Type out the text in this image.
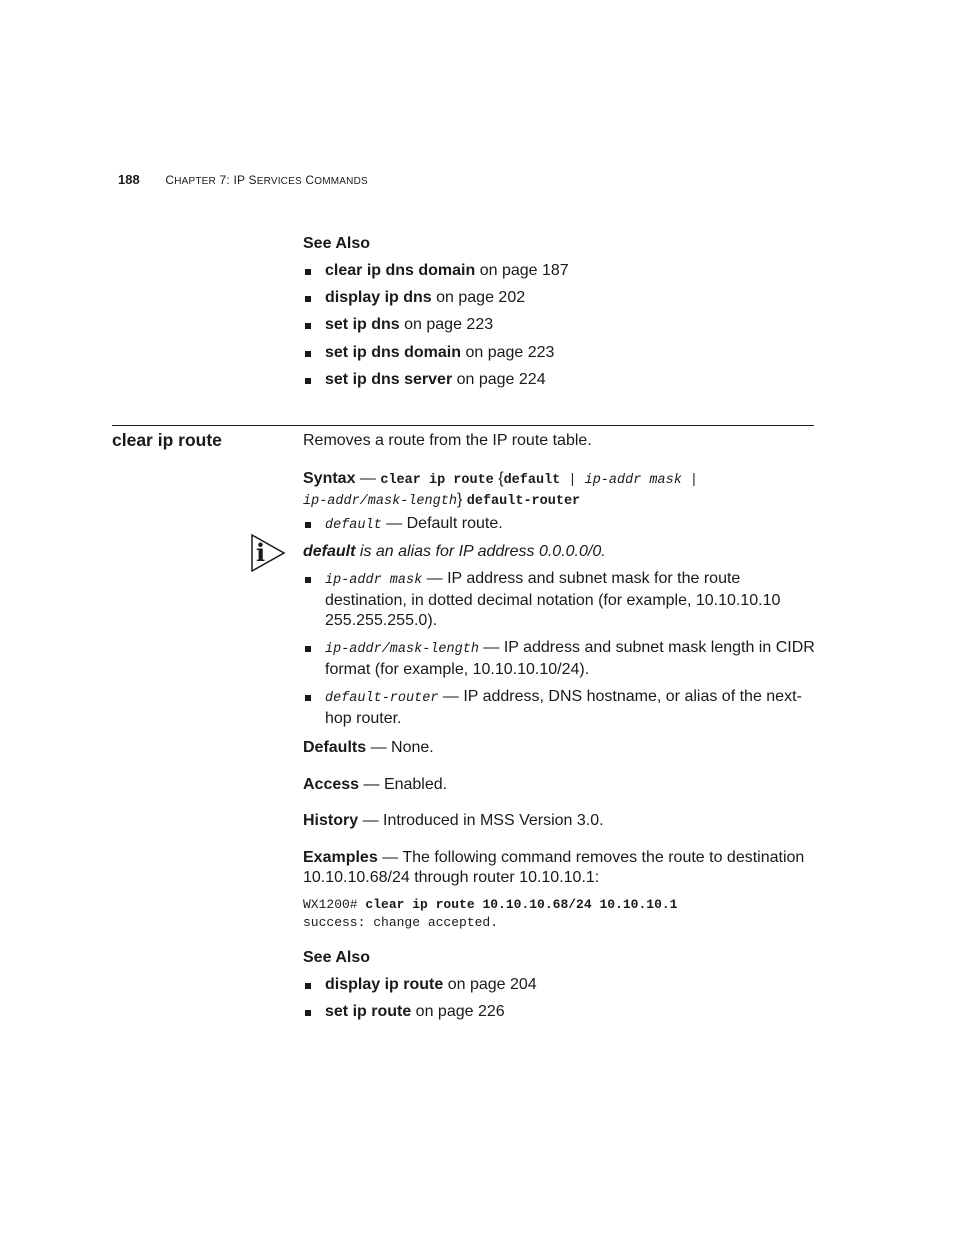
188 CHAPTER 7: IP SERVICES COMMANDS
See Also
clear ip dns domain on page 187
display ip dns on page 202
set ip dns on page 223
set ip dns domain on page 223
set ip dns server on page 224
clear ip route	Removes a route from the IP route table.
Syntax — clear ip route {default | ip-addr mask |
ip-addr/mask-length} default-router
default — Default route.
i default is an alias for IP address 0.0.0.0/0.
ip-addr mask — IP address and subnet mask for the route destination, in dotted decimal notation (for example, 10.10.10.10 255.255.255.0).
ip-addr/mask-length — IP address and subnet mask length in CIDR format (for example, 10.10.10.10/24).
default-router — IP address, DNS hostname, or alias of the next-hop router.
Defaults — None.
Access — Enabled.
History — Introduced in MSS Version 3.0.
Examples — The following command removes the route to destination 10.10.10.68/24 through router 10.10.10.1:
WX1200# clear ip route 10.10.10.68/24 10.10.10.1
success: change accepted.
See Also
display ip route on page 204
set ip route on page 226
